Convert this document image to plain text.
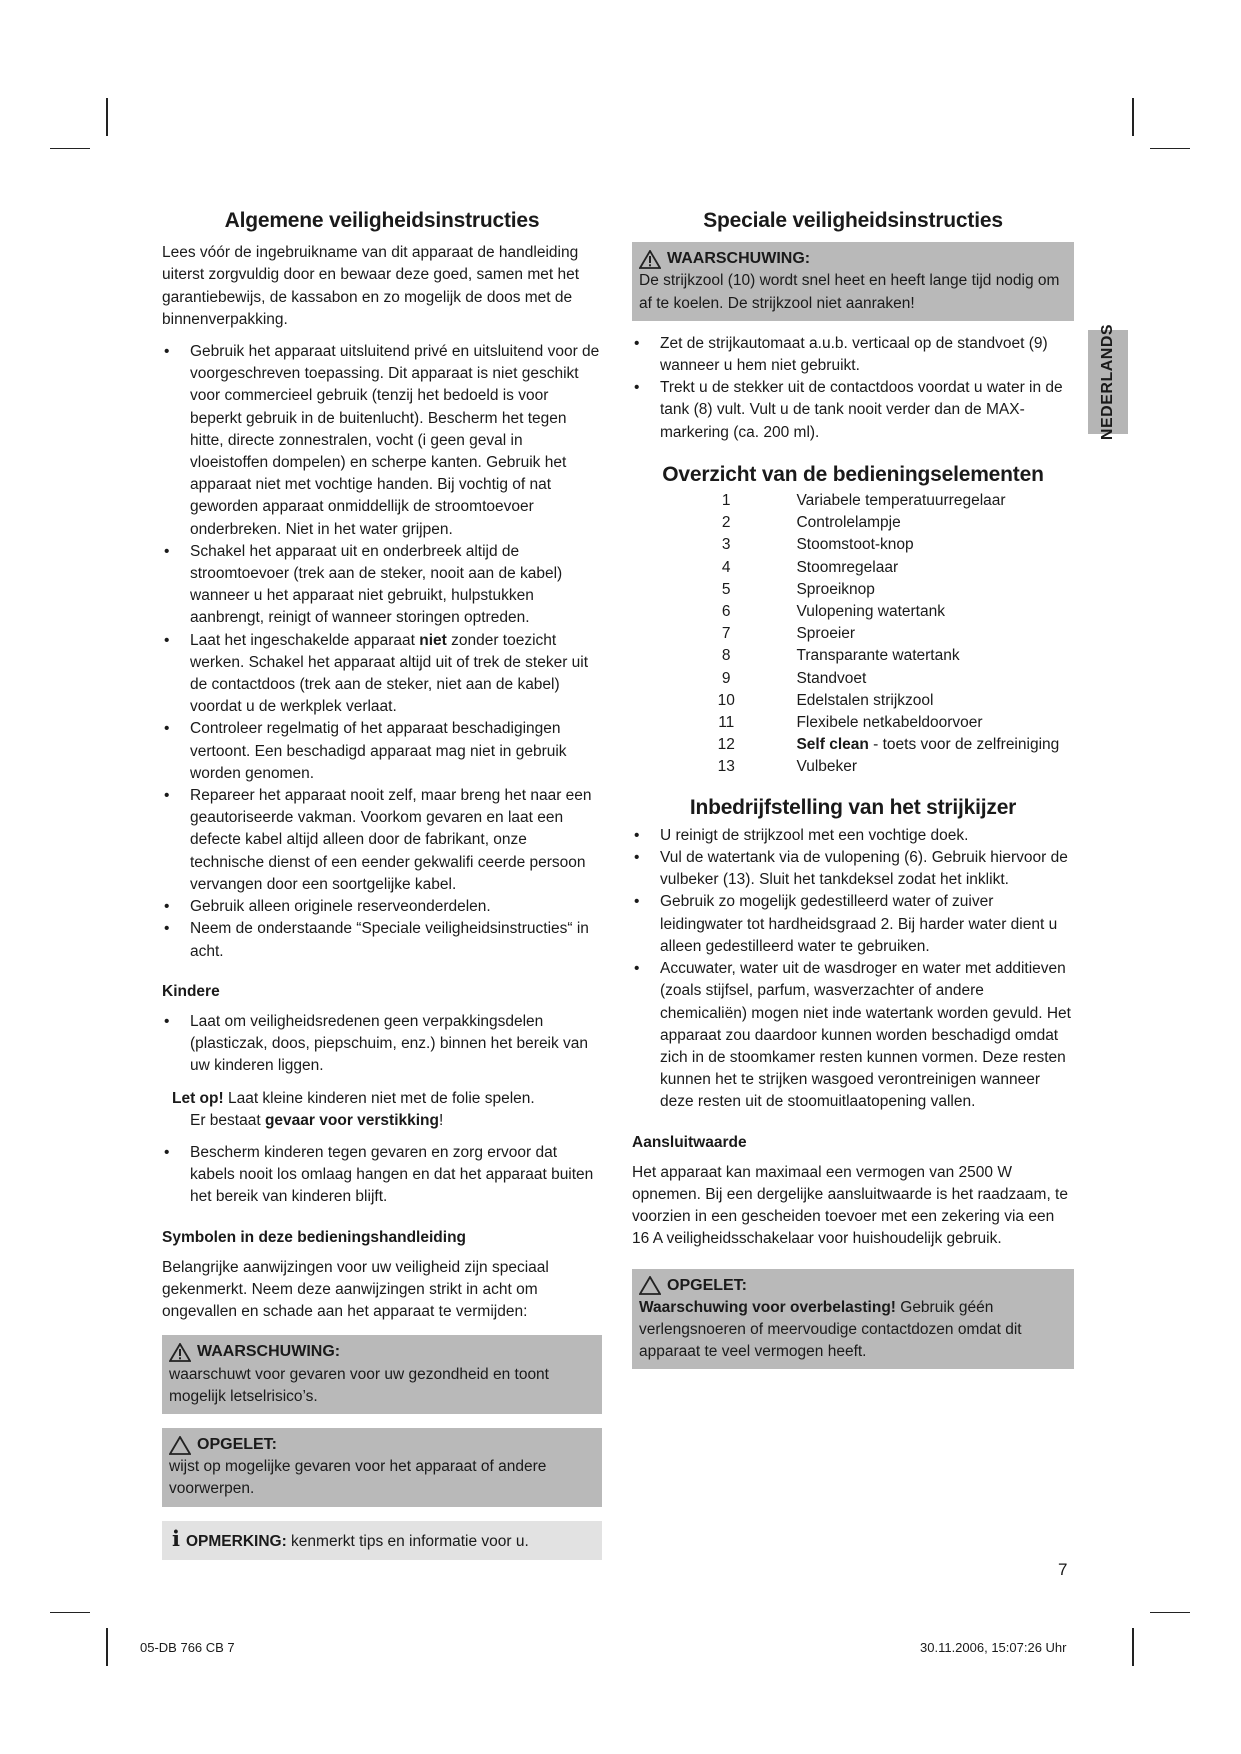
Algemene veiligheidsinstructies

Lees vóór de ingebruikname van dit apparaat de handleiding uiterst zorgvuldig door en bewaar deze goed, samen met het garantiebewijs, de kassabon en zo mogelijk de doos met de binnenverpakking.

• Gebruik het apparaat uitsluitend privé en uitsluitend voor de voorgeschreven toepassing. Dit apparaat is niet geschikt voor commercieel gebruik (tenzij het bedoeld is voor beperkt gebruik in de buitenlucht). Bescherm het tegen hitte, directe zonnestralen, vocht (i geen geval in vloeistoffen dompelen) en scherpe kanten. Gebruik het apparaat niet met vochtige handen. Bij vochtig of nat geworden apparaat onmiddellijk de stroomtoevoer onderbreken. Niet in het water grijpen.
• Schakel het apparaat uit en onderbreek altijd de stroomtoevoer (trek aan de steker, nooit aan de kabel) wanneer u het apparaat niet gebruikt, hulpstukken aanbrengt, reinigt of wanneer storingen optreden.
• Laat het ingeschakelde apparaat niet zonder toezicht werken. Schakel het apparaat altijd uit of trek de steker uit de contactdoos (trek aan de steker, niet aan de kabel) voordat u de werkplek verlaat.
• Controleer regelmatig of het apparaat beschadigingen vertoont. Een beschadigd apparaat mag niet in gebruik worden genomen.
• Repareer het apparaat nooit zelf, maar breng het naar een geautoriseerde vakman. Voorkom gevaren en laat een defecte kabel altijd alleen door de fabrikant, onze technische dienst of een eender gekwalifi ceerde persoon vervangen door een soortgelijke kabel.
• Gebruik alleen originele reserveonderdelen.
• Neem de onderstaande “Speciale veiligheidsinstructies“ in acht.
Kindere
• Laat om veiligheidsredenen geen verpakkingsdelen (plasticzak, doos, piepschuim, enz.) binnen het bereik van uw kinderen liggen.
Let op! Laat kleine kinderen niet met de folie spelen.
Er bestaat gevaar voor verstikking!
• Bescherm kinderen tegen gevaren en zorg ervoor dat kabels nooit los omlaag hangen en dat het apparaat buiten het bereik van kinderen blijft.
Symbolen in deze bedieningshandleiding

Belangrijke aanwijzingen voor uw veiligheid zijn speciaal gekenmerkt. Neem deze aanwijzingen strikt in acht om ongevallen en schade aan het apparaat te vermijden:

WAARSCHUWING:
waarschuwt voor gevaren voor uw gezondheid en toont mogelijk letselrisico’s.
OPGELET:
wijst op mogelijke gevaren voor het apparaat of andere voorwerpen.
i OPMERKING: kenmerkt tips en informatie voor u.
Speciale veiligheidsinstructies
WAARSCHUWING:
De strijkzool (10) wordt snel heet en heeft lange tijd nodig om af te koelen. De strijkzool niet aanraken!
• Zet de strijkautomaat a.u.b. verticaal op de standvoet (9) wanneer u hem niet gebruikt.
• Trekt u de stekker uit de contactdoos voordat u water in de tank (8) vult. Vult u de tank nooit verder dan de MAX-markering (ca. 200 ml).
Overzicht van de bedieningselementen
1	Variabele temperatuurregelaar
2	Controlelampje
3	Stoomstoot-knop
4	Stoomregelaar
5	Sproeiknop
6	Vulopening watertank
7	Sproeier
8	Transparante watertank
9	Standvoet
10	Edelstalen strijkzool
11	Flexibele netkabeldoorvoer
12	Self clean - toets voor de zelfreiniging
13	Vulbeker
Inbedrijfstelling van het strijkijzer
• U reinigt de strijkzool met een vochtige doek.
• Vul de watertank via de vulopening (6). Gebruik hiervoor de vulbeker (13). Sluit het tankdeksel zodat het inklikt.
• Gebruik zo mogelijk gedestilleerd water of zuiver leidingwater tot hardheidsgraad 2. Bij harder water dient u alleen gedestilleerd water te gebruiken.
• Accuwater, water uit de wasdroger en water met additieven (zoals stijfsel, parfum, wasverzachter of andere chemicaliën) mogen niet inde watertank worden gevuld. Het apparaat zou daardoor kunnen worden beschadigd omdat zich in de stoomkamer resten kunnen vormen. Deze resten kunnen het te strijken wasgoed verontreinigen wanneer deze resten uit de stoomuitlaatopening vallen.
Aansluitwaarde

Het apparaat kan maximaal een vermogen van 2500 W opnemen. Bij een dergelijke aansluitwaarde is het raadzaam, te voorzien in een gescheiden toevoer met een zekering via een 16 A veiligheidsschakelaar voor huishoudelijk gebruik.

OPGELET:
Waarschuwing voor overbelasting! Gebruik géén verlengsnoeren of meervoudige contactdozen omdat dit apparaat te veel vermogen heeft.
NEDERLANDS
7
05-DB 766 CB 7	30.11.2006, 15:07:26 Uhr
